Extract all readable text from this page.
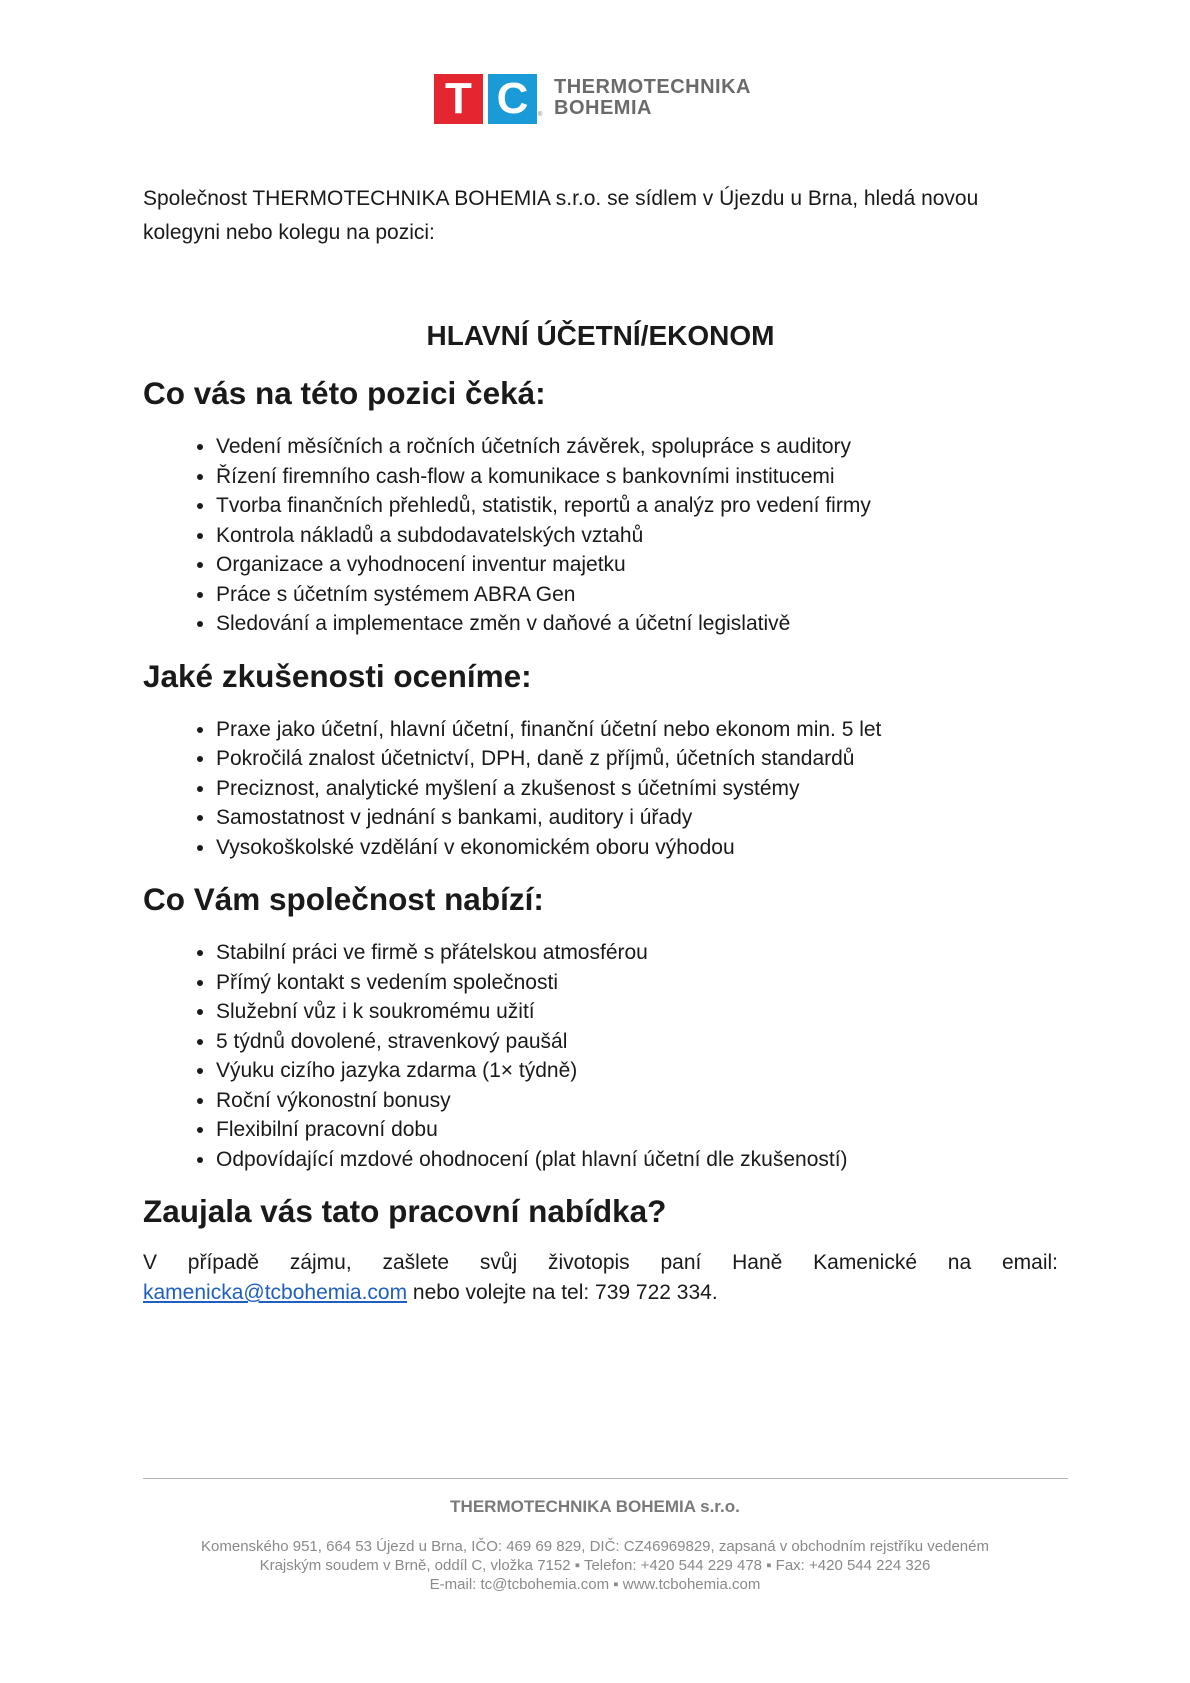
T C	®
THERMOTECHNIKA
BOHEMIA

Společnost THERMOTECHNIKA BOHEMIA s.r.o. se sídlem v Újezdu u Brna, hledá novou kolegyni nebo kolegu na pozici:

HLAVNÍ ÚČETNÍ/EKONOM
Co vás na této pozici čeká:
• Vedení měsíčních a ročních účetních závěrek, spolupráce s auditory
• Řízení firemního cash-flow a komunikace s bankovními institucemi
• Tvorba finančních přehledů, statistik, reportů a analýz pro vedení firmy
• Kontrola nákladů a subdodavatelských vztahů
• Organizace a vyhodnocení inventur majetku
• Práce s účetním systémem ABRA Gen
• Sledování a implementace změn v daňové a účetní legislativě
Jaké zkušenosti oceníme:
• Praxe jako účetní, hlavní účetní, finanční účetní nebo ekonom min. 5 let
• Pokročilá znalost účetnictví, DPH, daně z příjmů, účetních standardů
• Preciznost, analytické myšlení a zkušenost s účetními systémy
• Samostatnost v jednání s bankami, auditory i úřady
• Vysokoškolské vzdělání v ekonomickém oboru výhodou
Co Vám společnost nabízí:
• Stabilní práci ve firmě s přátelskou atmosférou
• Přímý kontakt s vedením společnosti
• Služební vůz i k soukromému užití
• 5 týdnů dovolené, stravenkový paušál
• Výuku cizího jazyka zdarma (1× týdně)
• Roční výkonostní bonusy
• Flexibilní pracovní dobu
• Odpovídající mzdové ohodnocení (plat hlavní účetní dle zkušeností)
Zaujala vás tato pracovní nabídka?

V případě zájmu, zašlete svůj životopis paní Haně Kamenické na email: kamenicka@tcbohemia.com nebo volejte na tel: 739 722 334.

THERMOTECHNIKA BOHEMIA s.r.o.
Komenského 951, 664 53 Újezd u Brna, IČO: 469 69 829, DIČ: CZ46969829, zapsaná v obchodním rejstříku vedeném
Krajským soudem v Brně, oddíl C, vložka 7152 ▪ Telefon: +420 544 229 478 ▪ Fax: +420 544 224 326
E-mail: tc@tcbohemia.com ▪ www.tcbohemia.com
